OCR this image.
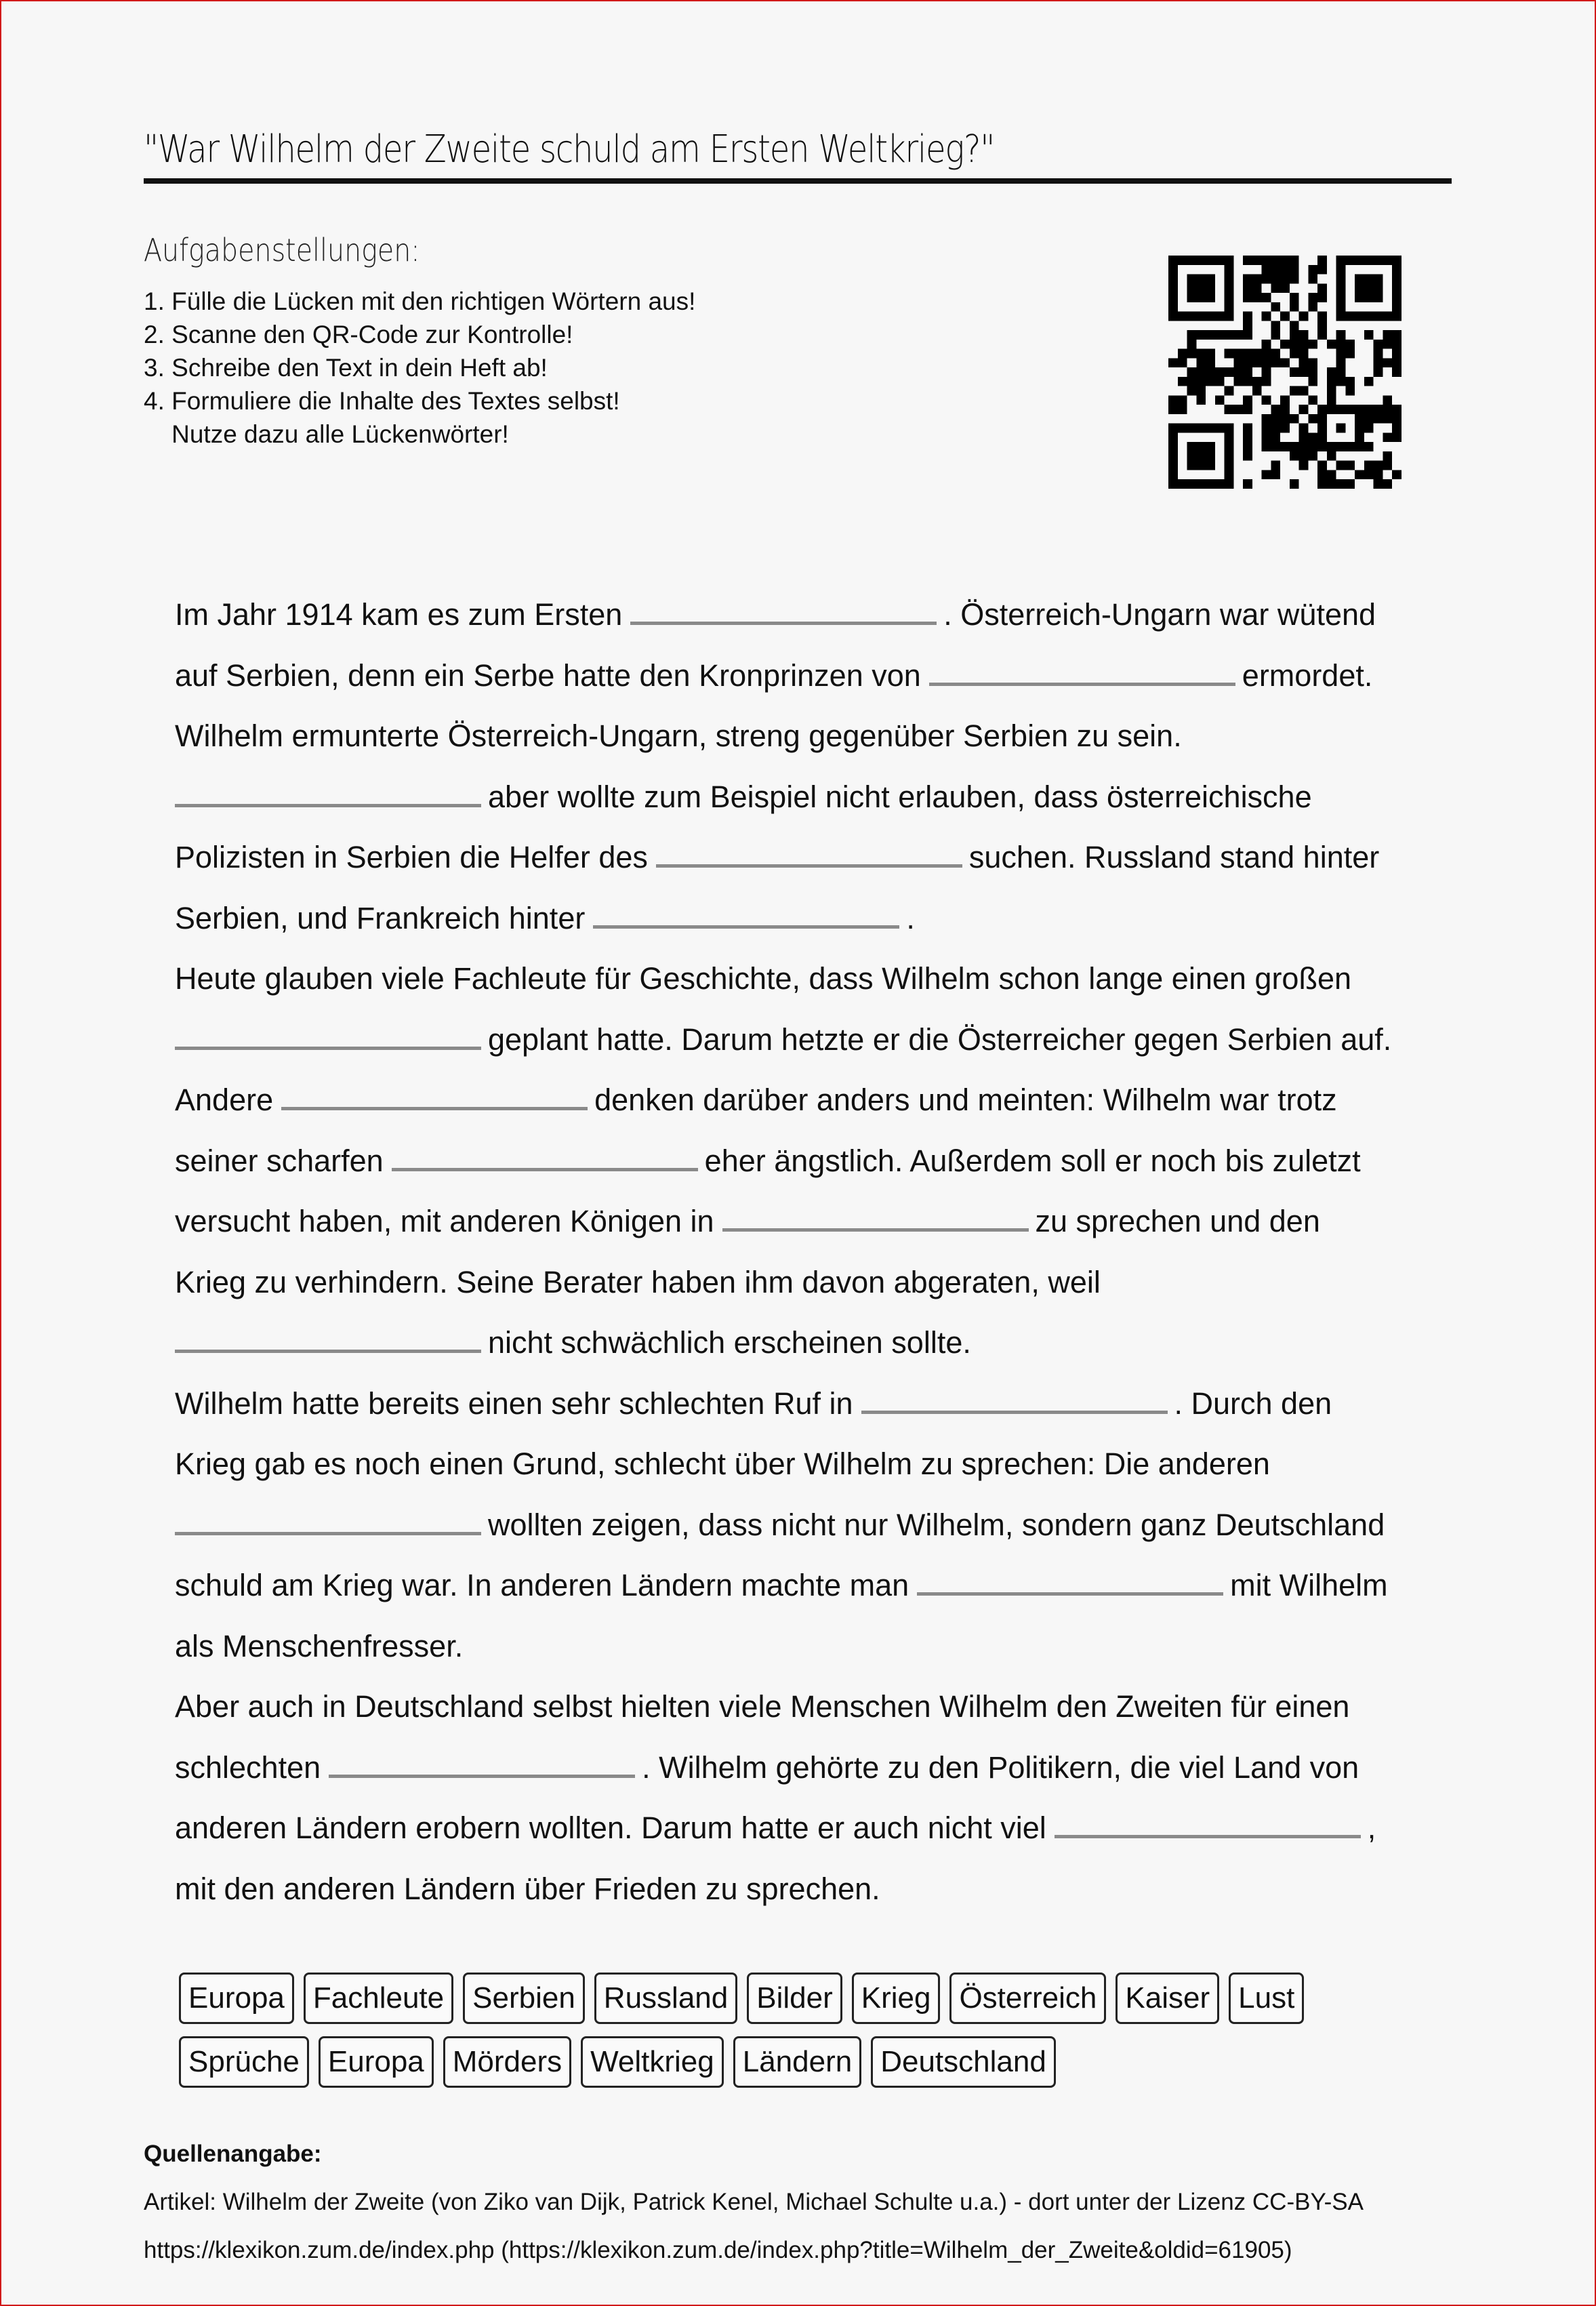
"War Wilhelm der Zweite schuld am Ersten Weltkrieg?"
Aufgabenstellungen:
1. Fülle die Lücken mit den richtigen Wörtern aus!
2. Scanne den QR-Code zur Kontrolle!
3. Schreibe den Text in dein Heft ab!
4. Formuliere die Inhalte des Textes selbst!
Nutze dazu alle Lückenwörter!
Im Jahr 1914 kam es zum Ersten	. Österreich-Ungarn war wütend
auf Serbien, denn ein Serbe hatte den Kronprinzen von	ermordet.
Wilhelm ermunterte Österreich-Ungarn, streng gegenüber Serbien zu sein.
aber wollte zum Beispiel nicht erlauben, dass österreichische
Polizisten in Serbien die Helfer des	suchen. Russland stand hinter
Serbien, und Frankreich hinter	.
Heute glauben viele Fachleute für Geschichte, dass Wilhelm schon lange einen großen
geplant hatte. Darum hetzte er die Österreicher gegen Serbien auf.
Andere	denken darüber anders und meinten: Wilhelm war trotz
seiner scharfen	eher ängstlich. Außerdem soll er noch bis zuletzt
versucht haben, mit anderen Königen in	zu sprechen und den
Krieg zu verhindern. Seine Berater haben ihm davon abgeraten, weil
nicht schwächlich erscheinen sollte.
Wilhelm hatte bereits einen sehr schlechten Ruf in	. Durch den
Krieg gab es noch einen Grund, schlecht über Wilhelm zu sprechen: Die anderen
wollten zeigen, dass nicht nur Wilhelm, sondern ganz Deutschland
schuld am Krieg war. In anderen Ländern machte man	mit Wilhelm
als Menschenfresser.
Aber auch in Deutschland selbst hielten viele Menschen Wilhelm den Zweiten für einen
schlechten	. Wilhelm gehörte zu den Politikern, die viel Land von
anderen Ländern erobern wollten. Darum hatte er auch nicht viel	,
mit den anderen Ländern über Frieden zu sprechen.
Europa Fachleute Serbien Russland Bilder Krieg Österreich Kaiser Lust
Sprüche Europa Mörders Weltkrieg Ländern Deutschland
Quellenangabe:
Artikel: Wilhelm der Zweite (von Ziko van Dijk, Patrick Kenel, Michael Schulte u.a.) - dort unter der Lizenz CC-BY-SA
https://klexikon.zum.de/index.php (https://klexikon.zum.de/index.php?title=Wilhelm_der_Zweite&oldid=61905)
